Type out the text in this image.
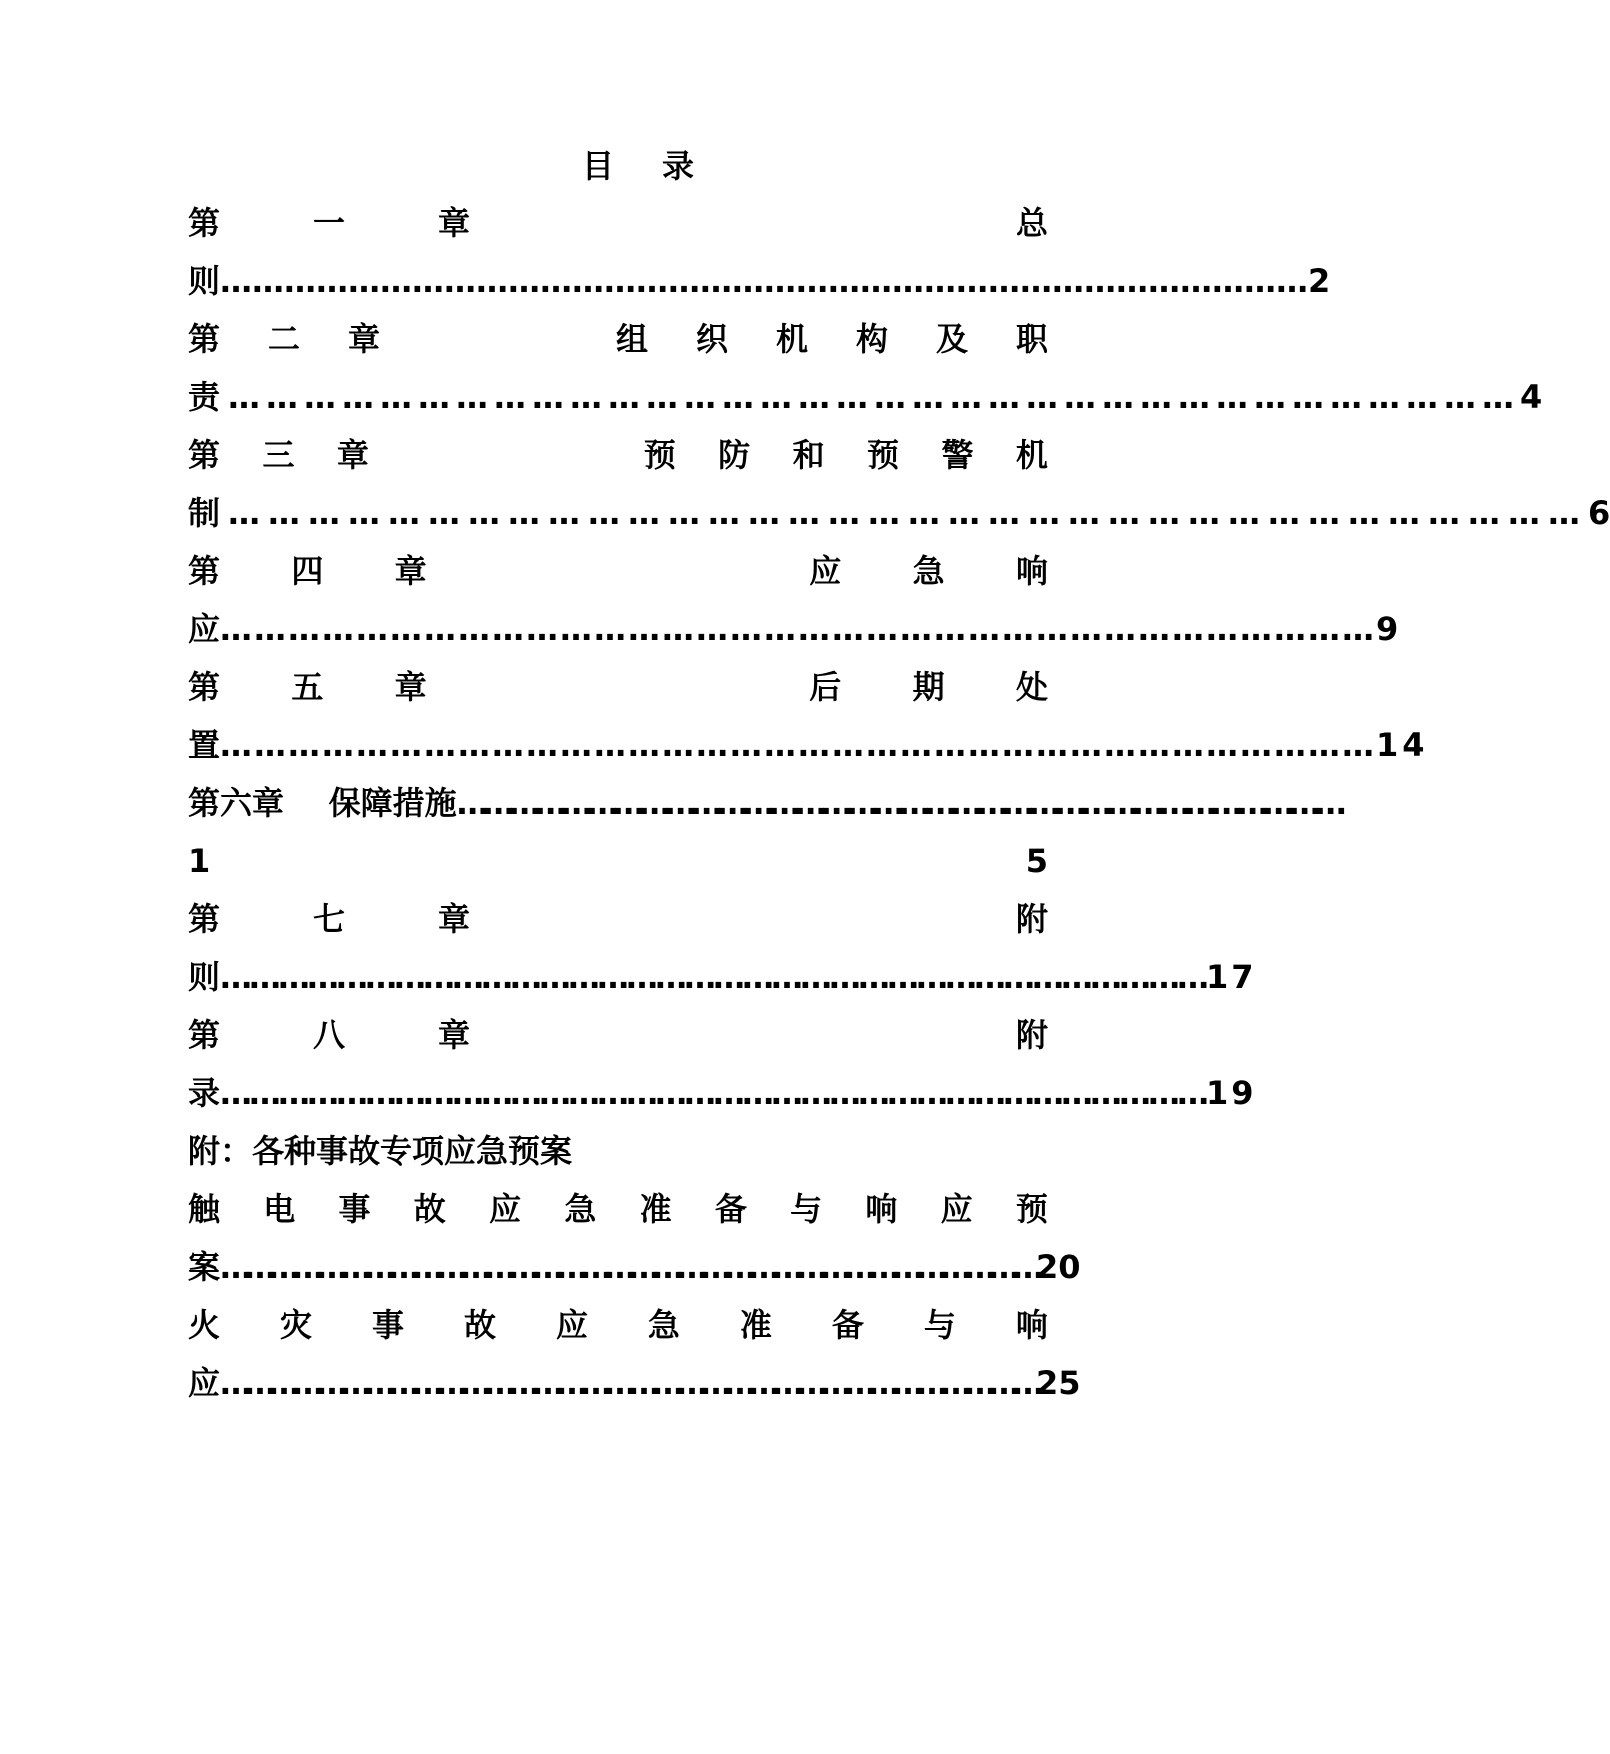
目 录
第	一	章	总
则 ………………………………………………………………………………………… 2
第 二 章	组 织 机 构 及 职
责 ………………………………………………………………………………………… 4
第 三 章	预 防 和 预 警 机
制 ………………………………………………………………………………………… 6
第 四 章	应 急 响
应 ………………………………………………………………………………………… 9
第 五 章	后 期 处
置 ………………………………………………………………………………………… 14
第六章    保障措施 …………………………………………………………………………………………
1	5
第	七	章	附
则 ………………………………………………………………………………………… 17
第	八	章	附
录 ………………………………………………………………………………………… 19
附：各种事故专项应急预案
触 电 事 故 应 急 准 备 与 响 应 预
案 ………………………………………………………………………………………… 20
火 灾 事 故 应 急 准 备 与 响
应 ………………………………………………………………………………………… 25
